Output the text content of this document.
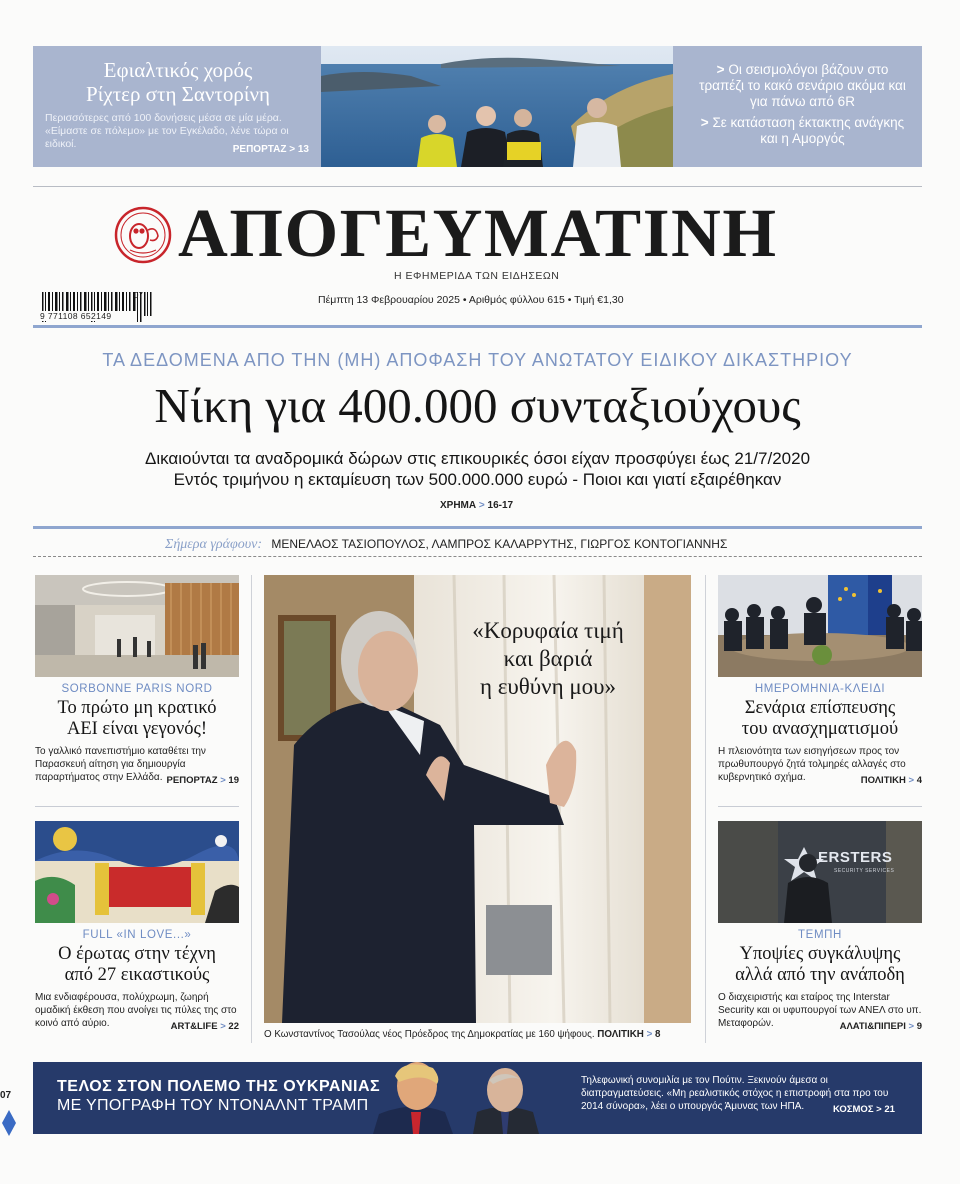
Εφιαλτικός χορός
Ρίχτερ στη Σαντορίνη
Περισσότερες από 100 δονήσεις μέσα σε μία μέρα. «Είμαστε σε πόλεμο» με τον Εγκέλαδο, λένε τώρα οι ειδικοί.	ΡΕΠΟΡΤΑΖ > 13
> Οι σεισμολόγοι βάζουν στο τραπέζι το κακό σενάριο ακόμα και για πάνω από 6R
> Σε κατάσταση έκτακτης ανάγκης και η Αμοργός
ΑΠΟΓΕΥΜΑΤΙΝΗ
Η ΕΦΗΜΕΡΙΔΑ ΤΩΝ ΕΙΔΗΣΕΩΝ
9 771108 652149
07	Πέμπτη 13 Φεβρουαρίου 2025 • Αριθμός φύλλου 615 • Τιμή €1,30
ΤΑ ΔΕΔΟΜΕΝΑ ΑΠΟ ΤΗΝ (ΜΗ) ΑΠΟΦΑΣΗ ΤΟΥ ΑΝΩΤΑΤΟΥ ΕΙΔΙΚΟΥ ΔΙΚΑΣΤΗΡΙΟΥ
Νίκη για 400.000 συνταξιούχους
Δικαιούνται τα αναδρομικά δώρων στις επικουρικές όσοι είχαν προσφύγει έως 21/7/2020
Εντός τριμήνου η εκταμίευση των 500.000.000 ευρώ - Ποιοι και γιατί εξαιρέθηκαν
ΧΡΗΜΑ > 16-17
Σήμερα γράφουν: ΜΕΝΕΛΑΟΣ ΤΑΣΙΟΠΟΥΛΟΣ, ΛΑΜΠΡΟΣ ΚΑΛΑΡΡΥΤΗΣ, ΓΙΩΡΓΟΣ ΚΟΝΤΟΓΙΑΝΝΗΣ
SORBONNE PARIS NORD
Το πρώτο μη κρατικό
ΑΕΙ είναι γεγονός!
Το γαλλικό πανεπιστήμιο καταθέτει την Παρασκευή αίτηση για δημιουργία παραρτήματος στην Ελλάδα. ΡΕΠΟΡΤΑΖ > 19
FULL «IN LOVE...»
Ο έρωτας στην τέχνη
από 27 εικαστικούς
Μια ενδιαφέρουσα, πολύχρωμη, ζωηρή ομαδική έκθεση που ανοίγει τις πύλες της στο κοινό από αύριο.	ART&LIFE > 22
«Κορυφαία τιμή
και βαριά
η ευθύνη μου»
Ο Κωνσταντίνος Τασούλας νέος Πρόεδρος της Δημοκρατίας με 160 ψήφους. ΠΟΛΙΤΙΚΗ > 8
ΗΜΕΡΟΜΗΝΙΑ-ΚΛΕΙΔΙ
Σενάρια επίσπευσης
του ανασχηματισμού
Η πλειονότητα των εισηγήσεων προς τον πρωθυπουργό ζητά τολμηρές αλλαγές στο κυβερνητικό σχήμα.	ΠΟΛΙΤΙΚΗ > 4
ERSTERS
SECURITY SERVICES
ΤΕΜΠΗ
Υποψίες συγκάλυψης
αλλά από την ανάποδη
Ο διαχειριστής και εταίρος της Interstar Security και οι υφυπουργοί των ΑΝΕΛ στο υπ. Μεταφορών.	ΑΛΑΤΙ&ΠΙΠΕΡΙ > 9
ΤΕΛΟΣ ΣΤΟΝ ΠΟΛΕΜΟ ΤΗΣ ΟΥΚΡΑΝΙΑΣ
ΜΕ ΥΠΟΓΡΑΦΗ ΤΟΥ ΝΤΟΝΑΛΝΤ ΤΡΑΜΠ
Τηλεφωνική συνομιλία με τον Πούτιν. Ξεκινούν άμεσα οι διαπραγματεύσεις. «Μη ρεαλιστικός στόχος η επιστροφή στα προ του 2014 σύνορα», λέει ο υπουργός Άμυνας των ΗΠΑ.	ΚΟΣΜΟΣ > 21
07
